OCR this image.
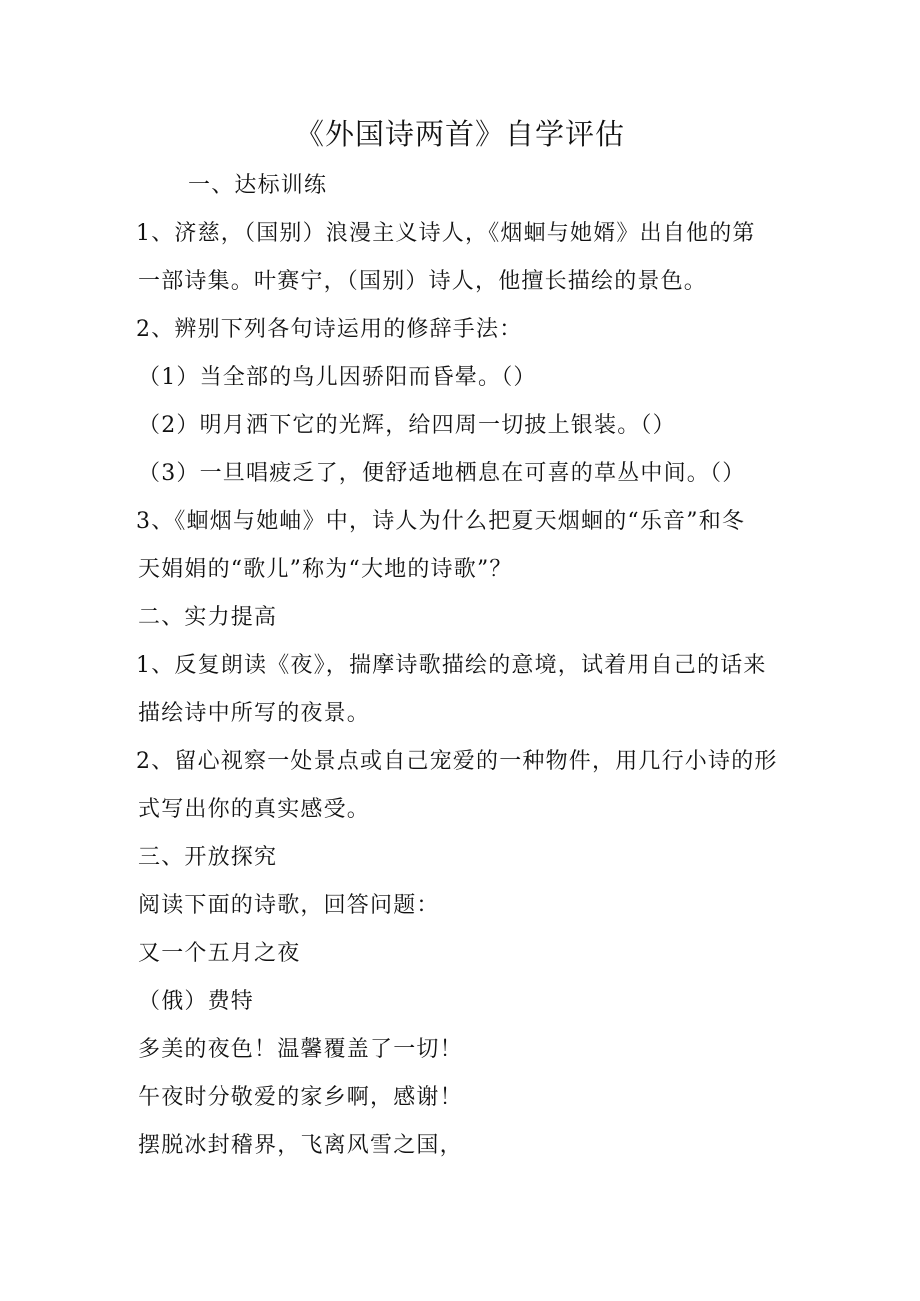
《外国诗两首》自学评估
一、达标训练
1、济慈，（国别）浪漫主义诗人，《烟蛔与她婿》出自他的第
一部诗集。叶赛宁，（国别）诗人，他擅长描绘的景色。
2、辨别下列各句诗运用的修辞手法：
（1）当全部的鸟儿因骄阳而昏晕。（）
（2）明月洒下它的光辉，给四周一切披上银装。（）
（3）一旦唱疲乏了，便舒适地栖息在可喜的草丛中间。（）
3、《蛔烟与她岫》中，诗人为什么把夏天烟蛔的“乐音”和冬
天娟娟的“歌儿”称为“大地的诗歌”？
二、实力提高
1、反复朗读《夜》，揣摩诗歌描绘的意境，试着用自己的话来
描绘诗中所写的夜景。
2、留心视察一处景点或自己宠爱的一种物件，用几行小诗的形
式写出你的真实感受。
三、开放探究
阅读下面的诗歌，回答问题：
又一个五月之夜
（俄）费特
多美的夜色！温馨覆盖了一切！
午夜时分敬爱的家乡啊，感谢！
摆脱冰封稽界，飞离风雪之国，
